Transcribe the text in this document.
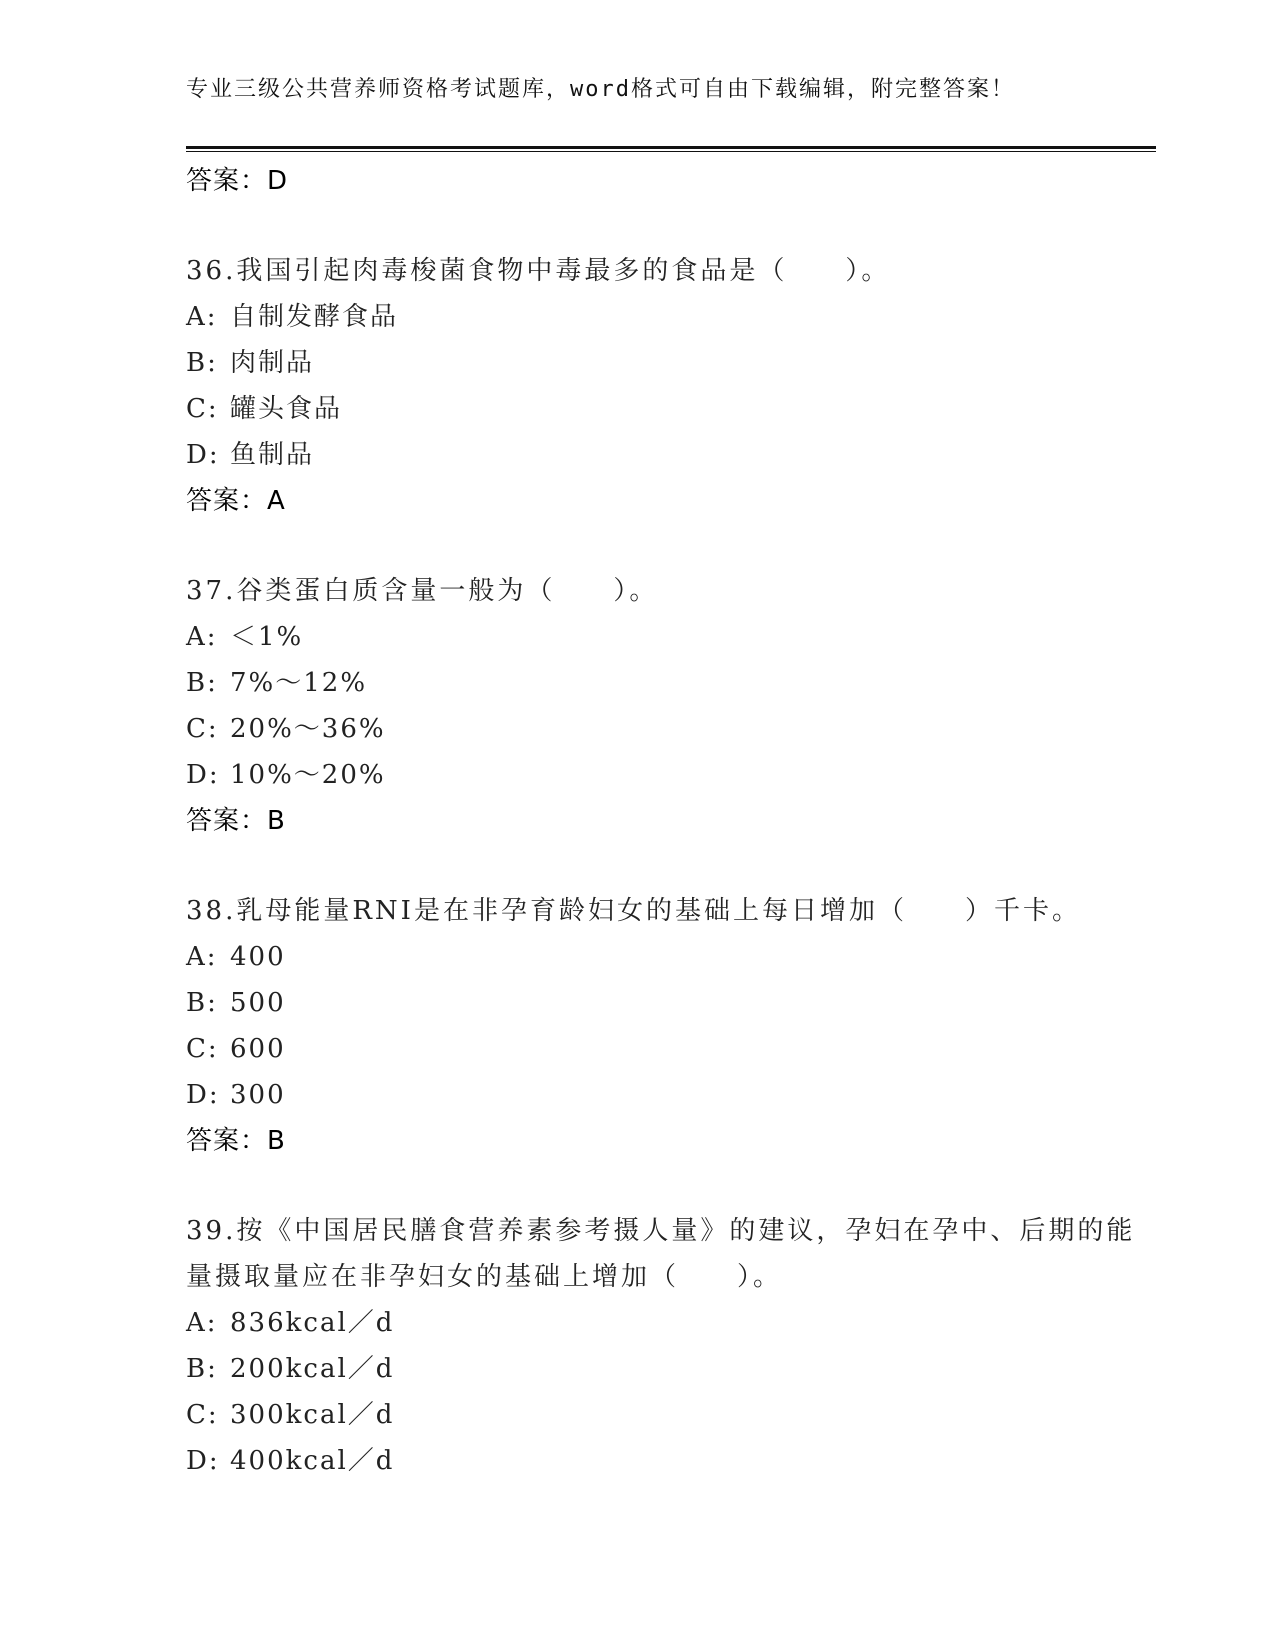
专业三级公共营养师资格考试题库，word格式可自由下载编辑，附完整答案！
答案：D
36.我国引起肉毒梭菌食物中毒最多的食品是（　　）。
A: 自制发酵食品
B: 肉制品
C: 罐头食品
D: 鱼制品
答案：A
37.谷类蛋白质含量一般为（　　）。
A: ＜1%
B: 7%～12%
C: 20%～36%
D: 10%～20%
答案：B
38.乳母能量RNI是在非孕育龄妇女的基础上每日增加（　　）千卡。
A: 400
B: 500
C: 600
D: 300
答案：B
39.按《中国居民膳食营养素参考摄人量》的建议，孕妇在孕中、后期的能量摄取量应在非孕妇女的基础上增加（　　）。
A: 836kcal／d
B: 200kcal／d
C: 300kcal／d
D: 400kcal／d
